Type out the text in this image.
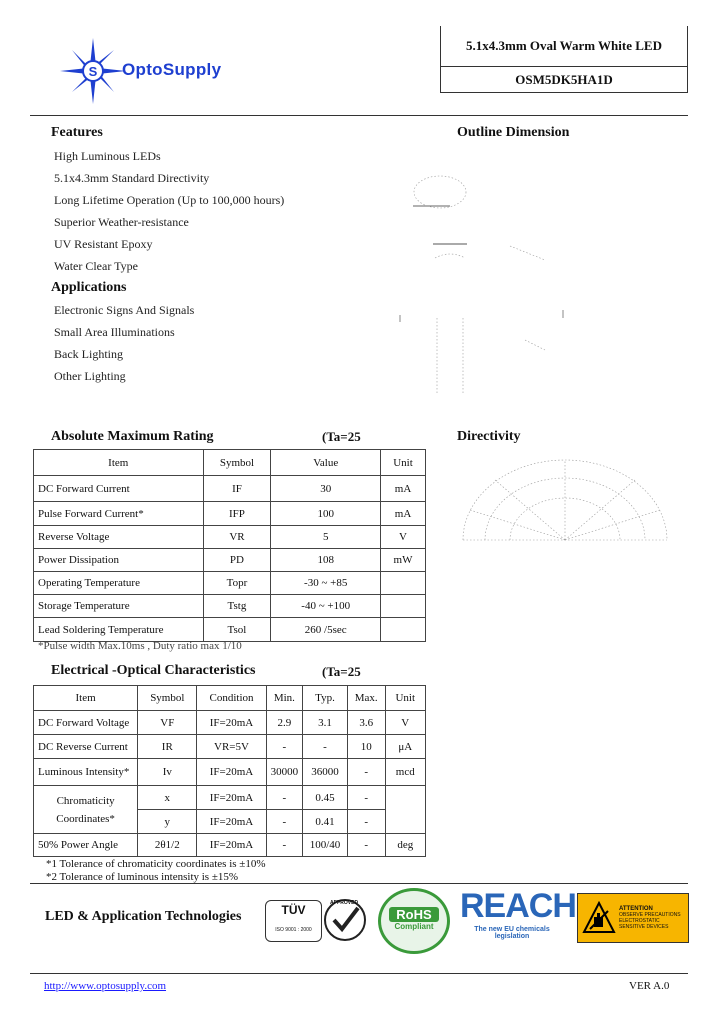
S OptoSupply
5.1x4.3mm Oval Warm White LED
OSM5DK5HA1D
Features
High Luminous LEDs
5.1x4.3mm Standard Directivity
Long Lifetime Operation (Up to 100,000 hours)
Superior Weather-resistance
UV Resistant Epoxy
Water Clear Type
Applications
Electronic Signs And Signals
Small Area Illuminations
Back Lighting
Other Lighting
Outline Dimension
Directivity
Absolute Maximum Rating	(Ta=25
Item	Symbol	Value	Unit
DC Forward Current	IF	30	mA
Pulse Forward Current*	IFP	100	mA
Reverse Voltage	VR	5	V
Power Dissipation	PD	108	mW
Operating Temperature	Topr	-30 ~ +85	
Storage Temperature	Tstg	-40 ~ +100	
Lead Soldering Temperature	Tsol	260 /5sec	
*Pulse width Max.10ms , Duty ratio max 1/10
Electrical -Optical Characteristics	(Ta=25
Item	Symbol	Condition	Min.	Typ.	Max.	Unit
DC Forward Voltage	VF	IF=20mA	2.9	3.1	3.6	V
DC Reverse Current	IR	VR=5V	-	-	10	μA
Luminous Intensity*	Iv	IF=20mA	30000	36000	-	mcd

Chromaticity
Coordinates*	x	IF=20mA	-	0.45	-	
	y	IF=20mA	-	0.41	-	
50% Power Angle	2θ1/2	IF=20mA	-	100/40	-	deg
*1 Tolerance of chromaticity coordinates is ±10%
*2 Tolerance of luminous intensity is ±15%
LED & Application Technologies	TÜV
ISO 9001 : 2000
APPROVED
RoHS
Compliant
REACH
The new EU chemicals legislation
ATTENTION
OBSERVE PRECAUTIONS ELECTROSTATIC SENSITIVE DEVICES
http://www.optosupply.com	VER A.0
